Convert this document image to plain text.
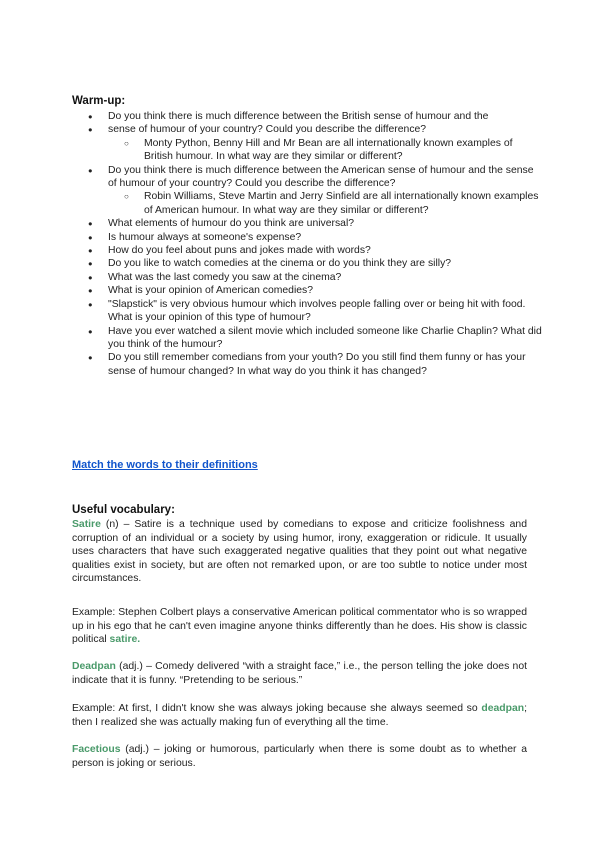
Warm-up:
● Do you think there is much difference between the British sense of humour and the
● sense of humour of your country? Could you describe the difference?
○ Monty Python, Benny Hill and Mr Bean are all internationally known examples of British humour. In what way are they similar or different?
● Do you think there is much difference between the American sense of humour and the sense of humour of your country? Could you describe the difference?
○ Robin Williams, Steve Martin and Jerry Sinfield are all internationally known examples of American humour. In what way are they similar or different?
● What elements of humour do you think are universal?
● Is humour always at someone's expense?
● How do you feel about puns and jokes made with words?
● Do you like to watch comedies at the cinema or do you think they are silly?
● What was the last comedy you saw at the cinema?
● What is your opinion of American comedies?
● "Slapstick" is very obvious humour which involves people falling over or being hit with food. What is your opinion of this type of humour?
● Have you ever watched a silent movie which included someone like Charlie Chaplin? What did you think of the humour?
● Do you still remember comedians from your youth? Do you still find them funny or has your sense of humour changed? In what way do you think it has changed?
Match the words to their definitions
Useful vocabulary:

Satire (n) – Satire is a technique used by comedians to expose and criticize foolishness and corruption of an individual or a society by using humor, irony, exaggeration or ridicule. It usually uses characters that have such exaggerated negative qualities that they point out what negative qualities exist in society, but are often not remarked upon, or are too subtle to notice under most circumstances.

Example: Stephen Colbert plays a conservative American political commentator who is so wrapped up in his ego that he can't even imagine anyone thinks differently than he does. His show is classic political satire.

Deadpan (adj.) – Comedy delivered “with a straight face,” i.e., the person telling the joke does not indicate that it is funny. “Pretending to be serious.”

Example: At first, I didn't know she was always joking because she always seemed so deadpan; then I realized she was actually making fun of everything all the time.

Facetious (adj.) – joking or humorous, particularly when there is some doubt as to whether a person is joking or serious.
